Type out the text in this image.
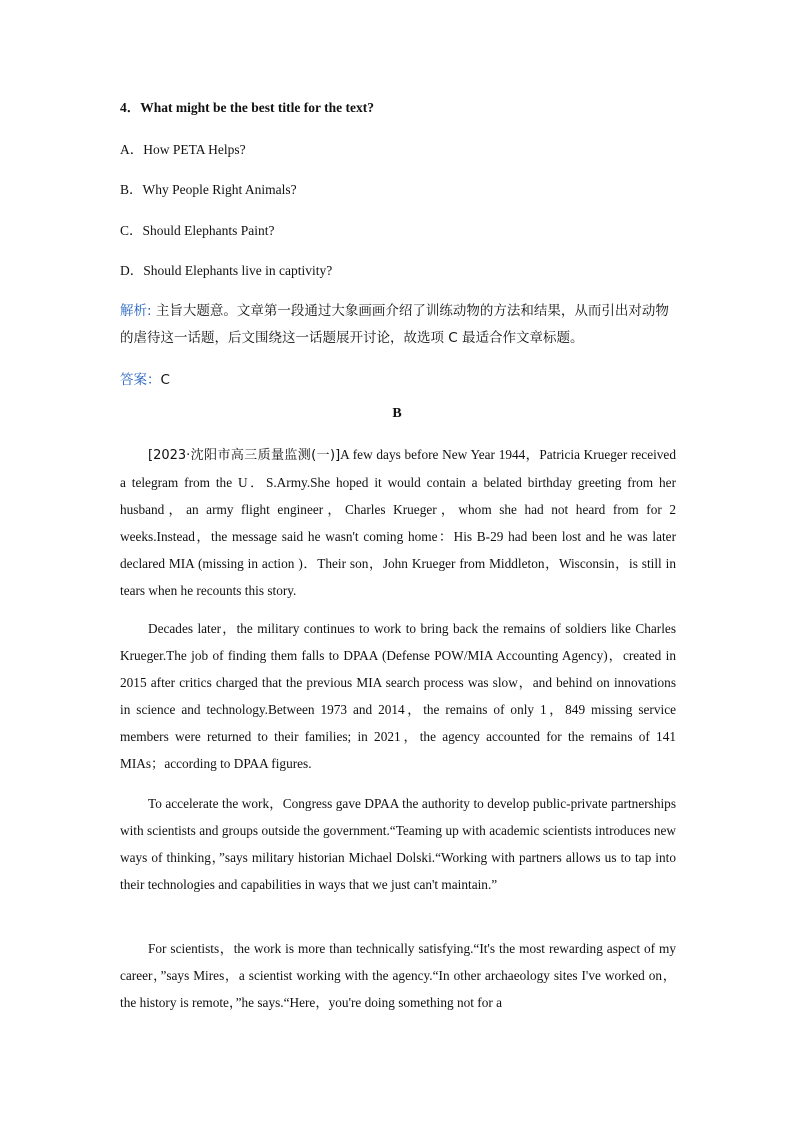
4．What might be the best title for the text?
A．How PETA Helps?
B．Why People Right Animals?
C．Should Elephants Paint?
D．Should Elephants live in captivity?
解析: 主旨大题意。文章第一段通过大象画画介绍了训练动物的方法和结果，从而引出对动物的虐待这一话题，后文围绕这一话题展开讨论，故选项 C 最适合作文章标题。
答案：C
B

[2023·沈阳市高三质量监测(一)]A few days before New Year 1944，Patricia Krueger received a telegram from the U．S.Army.She hoped it would contain a belated birthday greeting from her husband，an army flight engineer，Charles Krueger，whom she had not heard from for 2 weeks.Instead，the message said he wasn't coming home：His B-29 had been lost and he was later declared MIA (missing in action )．Their son，John Krueger from Middleton，Wisconsin，is still in tears when he recounts this story.

Decades later，the military continues to work to bring back the remains of soldiers like Charles Krueger.The job of finding them falls to DPAA (Defense POW/MIA Accounting Agency)，created in 2015 after critics charged that the previous MIA search process was slow，and behind on innovations in science and technology.Between 1973 and 2014，the remains of only 1，849 missing service members were returned to their families; in 2021，the agency accounted for the remains of 141 MIAs；according to DPAA figures.

To accelerate the work，Congress gave DPAA the authority to develop public-private partnerships with scientists and groups outside the government.“Teaming up with academic scientists introduces new ways of thinking，”says military historian Michael Dolski.“Working with partners allows us to tap into their technologies and capabilities in ways that we just can't maintain.”

For scientists，the work is more than technically satisfying.“It's the most rewarding aspect of my career，”says Mires，a scientist working with the agency.“In other archaeology sites I've worked on，the history is remote，”he says.“Here，you're doing something not for a
